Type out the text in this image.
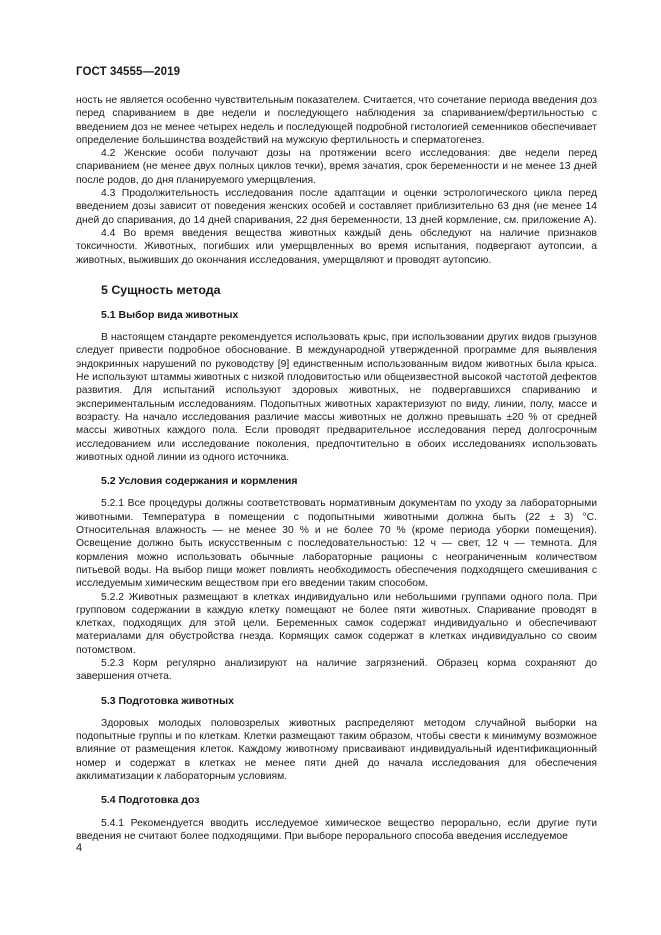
ГОСТ 34555—2019

ность не является особенно чувствительным показателем. Считается, что сочетание периода введения доз перед спариванием в две недели и последующего наблюдения за спариванием/фертильностью с введением доз не менее четырех недель и последующей подробной гистологией семенников обеспечивает определение большинства воздействий на мужскую фертильность и сперматогенез.

4.2 Женские особи получают дозы на протяжении всего исследования: две недели перед спариванием (не менее двух полных циклов течки), время зачатия, срок беременности и не менее 13 дней после родов, до дня планируемого умерщвления.

4.3 Продолжительность исследования после адаптации и оценки эстрологического цикла перед введением дозы зависит от поведения женских особей и составляет приблизительно 63 дня (не менее 14 дней до спаривания, до 14 дней спаривания, 22 дня беременности, 13 дней кормление, см. приложение А).

4.4 Во время введения вещества животных каждый день обследуют на наличие признаков токсичности. Животных, погибших или умерщвленных во время испытания, подвергают аутопсии, а животных, выживших до окончания исследования, умерщвляют и проводят аутопсию.

5 Сущность метода
5.1 Выбор вида животных

В настоящем стандарте рекомендуется использовать крыс, при использовании других видов грызунов следует привести подробное обоснование. В международной утвержденной программе для выявления эндокринных нарушений по руководству [9] единственным использованным видом животных была крыса. Не используют штаммы животных с низкой плодовитостью или общеизвестной высокой частотой дефектов развития. Для испытаний используют здоровых животных, не подвергавшихся спариванию и экспериментальным исследованиям. Подопытных животных характеризуют по виду, линии, полу, массе и возрасту. На начало исследования различие массы животных не должно превышать ±20 % от средней массы животных каждого пола. Если проводят предварительное исследования перед долгосрочным исследованием или исследование поколения, предпочтительно в обоих исследованиях использовать животных одной линии из одного источника.

5.2 Условия содержания и кормления

5.2.1 Все процедуры должны соответствовать нормативным документам по уходу за лабораторными животными. Температура в помещении с подопытными животными должна быть (22 ± 3) °С. Относительная влажность — не менее 30 % и не более 70 % (кроме периода уборки помещения). Освещение должно быть искусственным с последовательностью: 12 ч — свет, 12 ч — темнота. Для кормления можно использовать обычные лабораторные рационы с неограниченным количеством питьевой воды. На выбор пищи может повлиять необходимость обеспечения подходящего смешивания с исследуемым химическим веществом при его введении таким способом.

5.2.2 Животных размещают в клетках индивидуально или небольшими группами одного пола. При групповом содержании в каждую клетку помещают не более пяти животных. Спаривание проводят в клетках, подходящих для этой цели. Беременных самок содержат индивидуально и обеспечивают материалами для обустройства гнезда. Кормящих самок содержат в клетках индивидуально со своим потомством.

5.2.3 Корм регулярно анализируют на наличие загрязнений. Образец корма сохраняют до завершения отчета.

5.3 Подготовка животных

Здоровых молодых половозрелых животных распределяют методом случайной выборки на подопытные группы и по клеткам. Клетки размещают таким образом, чтобы свести к минимуму возможное влияние от размещения клеток. Каждому животному присваивают индивидуальный идентификационный номер и содержат в клетках не менее пяти дней до начала исследования для обеспечения акклиматизации к лабораторным условиям.

5.4 Подготовка доз

5.4.1 Рекомендуется вводить исследуемое химическое вещество перорально, если другие пути введения не считают более подходящими. При выборе перорального способа введения исследуемое

4
